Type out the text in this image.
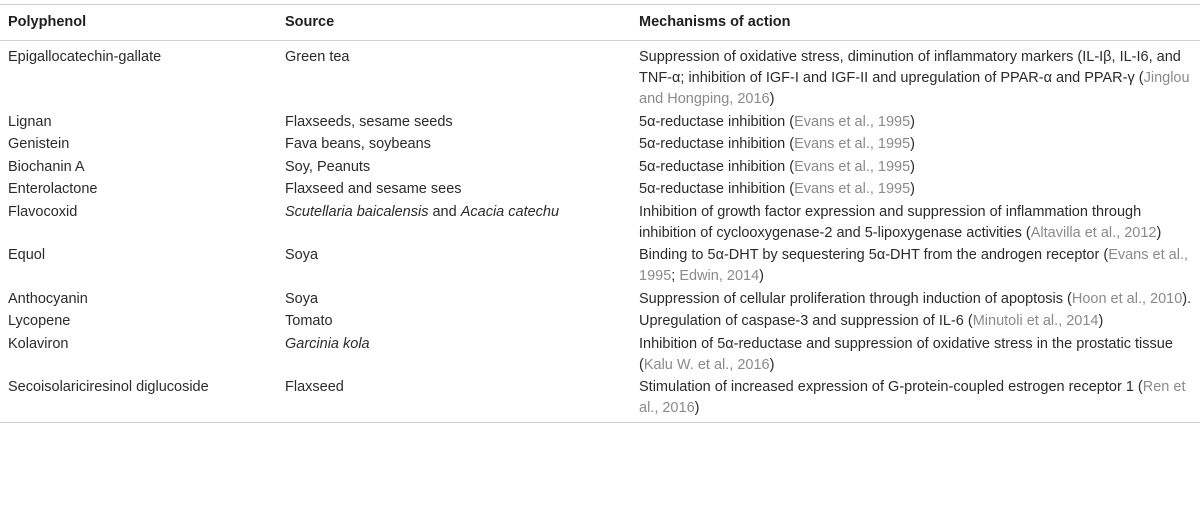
Polyphenol	Source	Mechanisms of action
Epigallocatechin-gallate	Green tea	Suppression of oxidative stress, diminution of inflammatory markers (IL-Iβ, IL-I6, and TNF-α; inhibition of IGF-I and IGF-II and upregulation of PPAR-α and PPAR-γ (Jinglou and Hongping, 2016)
Lignan	Flaxseeds, sesame seeds	5α-reductase inhibition (Evans et al., 1995)
Genistein	Fava beans, soybeans	5α-reductase inhibition (Evans et al., 1995)
Biochanin A	Soy, Peanuts	5α-reductase inhibition (Evans et al., 1995)
Enterolactone	Flaxseed and sesame sees	5α-reductase inhibition (Evans et al., 1995)
Flavocoxid	Scutellaria baicalensis and Acacia catechu	Inhibition of growth factor expression and suppression of inflammation through inhibition of cyclooxygenase-2 and 5-lipoxygenase activities (Altavilla et al., 2012)
Equol	Soya	Binding to 5α-DHT by sequestering 5α-DHT from the androgen receptor (Evans et al., 1995; Edwin, 2014)
Anthocyanin	Soya	Suppression of cellular proliferation through induction of apoptosis (Hoon et al., 2010).
Lycopene	Tomato	Upregulation of caspase-3 and suppression of IL-6 (Minutoli et al., 2014)
Kolaviron	Garcinia kola	Inhibition of 5α-reductase and suppression of oxidative stress in the prostatic tissue (Kalu W. et al., 2016)
Secoisolariciresinol diglucoside	Flaxseed	Stimulation of increased expression of G-protein-coupled estrogen receptor 1 (Ren et al., 2016)
